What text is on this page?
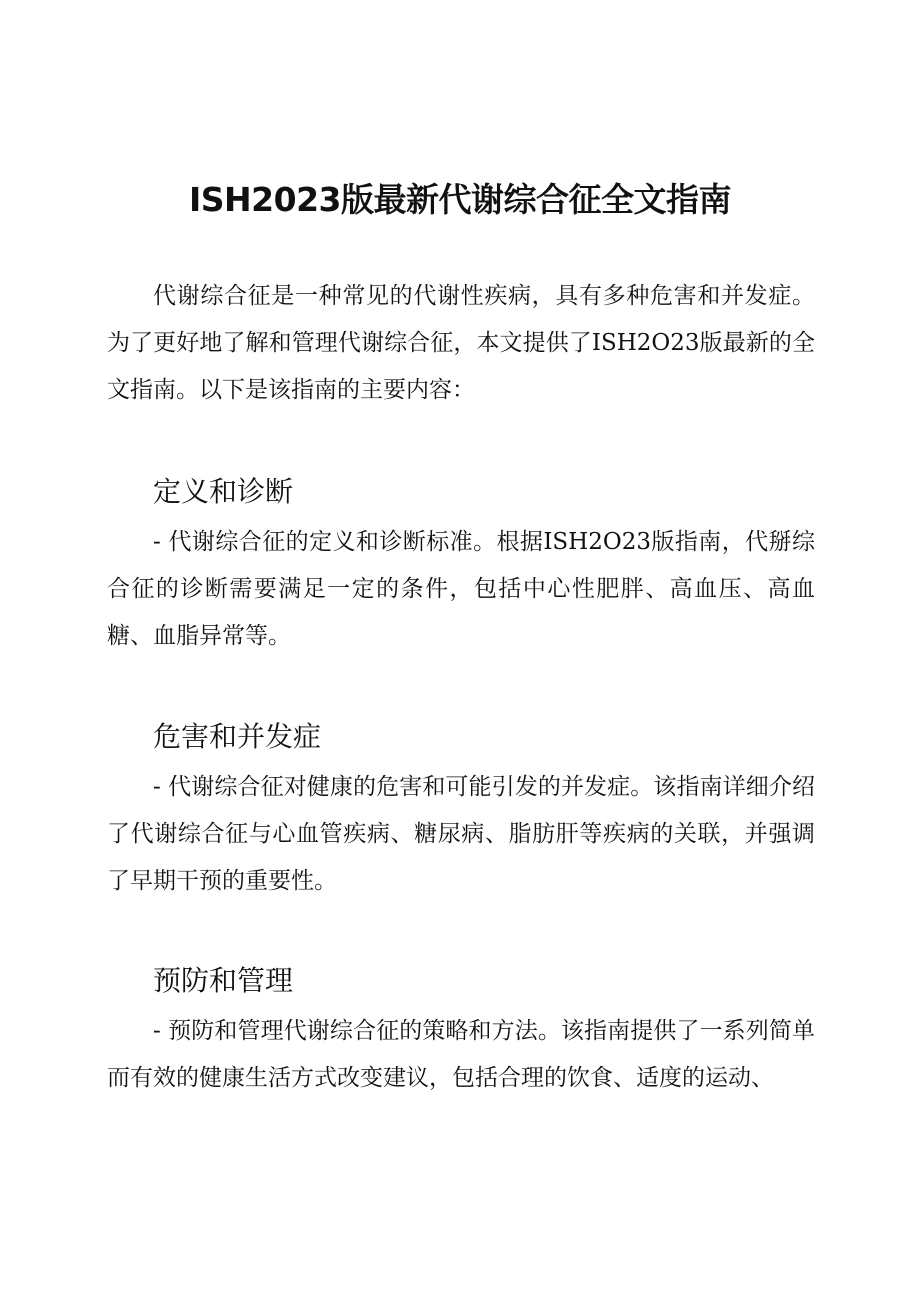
ISH2023版最新代谢综合征全文指南

代谢综合征是一种常见的代谢性疾病，具有多种危害和并发症。为了更好地了解和管理代谢综合征，本文提供了ISH2O23版最新的全文指南。以下是该指南的主要内容：

定义和诊断

- 代谢综合征的定义和诊断标准。根据ISH2O23版指南，代掰综合征的诊断需要满足一定的条件，包括中心性肥胖、高血压、高血糖、血脂异常等。

危害和并发症

- 代谢综合征对健康的危害和可能引发的并发症。该指南详细介绍了代谢综合征与心血管疾病、糖尿病、脂肪肝等疾病的关联，并强调了早期干预的重要性。

预防和管理

- 预防和管理代谢综合征的策略和方法。该指南提供了一系列简单而有效的健康生活方式改变建议，包括合理的饮食、适度的运动、
